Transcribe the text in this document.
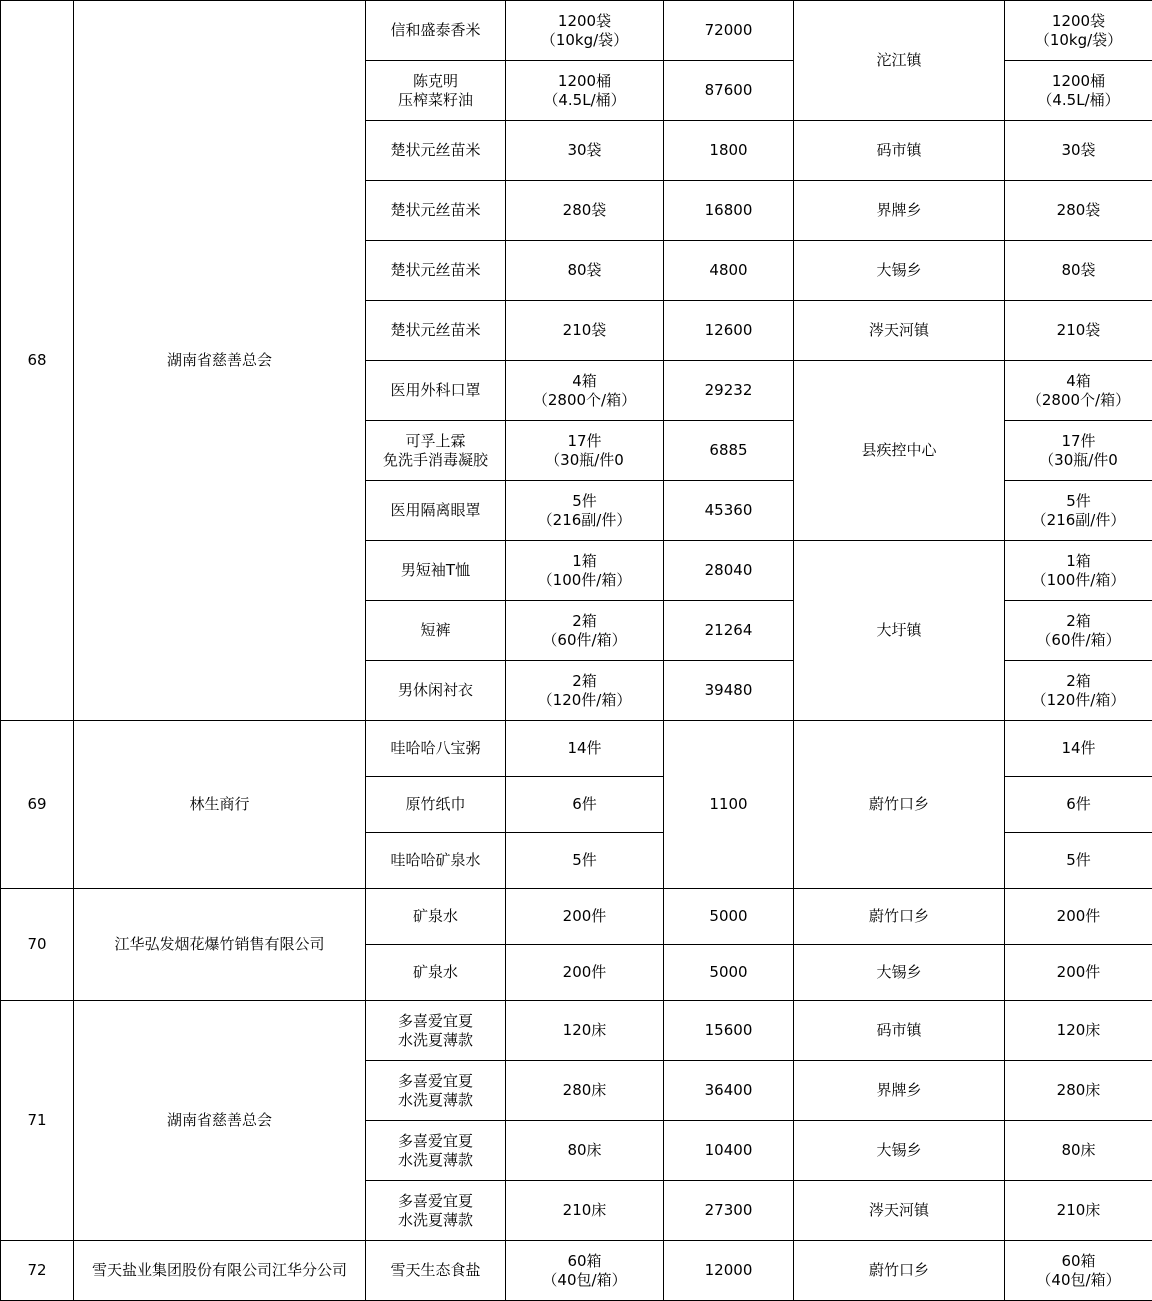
68	湖南省慈善总会	信和盛泰香米	1200袋
（10kg/袋）	72000	沱江镇	1200袋
（10kg/袋）
		陈克明
压榨菜籽油	1200桶
（4.5L/桶）	87600		1200桶
（4.5L/桶）
		楚状元丝苗米	30袋	1800	码市镇	30袋
		楚状元丝苗米	280袋	16800	界牌乡	280袋
		楚状元丝苗米	80袋	4800	大锡乡	80袋
		楚状元丝苗米	210袋	12600	涔天河镇	210袋
		医用外科口罩	4箱
（2800个/箱）	29232	县疾控中心	4箱
（2800个/箱）
		可孚上霖
免洗手消毒凝胶	17件
（30瓶/件0	6885		17件
（30瓶/件0
		医用隔离眼罩	5件
（216副/件）	45360		5件
（216副/件）
		男短袖T恤	1箱
（100件/箱）	28040	大圩镇	1箱
（100件/箱）
		短裤	2箱
（60件/箱）	21264		2箱
（60件/箱）
		男休闲衬衣	2箱
（120件/箱）	39480		2箱
（120件/箱）
69	林生商行	哇哈哈八宝粥	14件	1100	蔚竹口乡	14件
		原竹纸巾	6件			6件
		哇哈哈矿泉水	5件			5件
70	江华弘发烟花爆竹销售有限公司	矿泉水	200件	5000	蔚竹口乡	200件
		矿泉水	200件	5000	大锡乡	200件
71	湖南省慈善总会	多喜爱宜夏
水洗夏薄款	120床	15600	码市镇	120床
		多喜爱宜夏
水洗夏薄款	280床	36400	界牌乡	280床
		多喜爱宜夏
水洗夏薄款	80床	10400	大锡乡	80床
		多喜爱宜夏
水洗夏薄款	210床	27300	涔天河镇	210床
72	雪天盐业集团股份有限公司江华分公司	雪天生态食盐	60箱
（40包/箱）	12000	蔚竹口乡	60箱
（40包/箱）
